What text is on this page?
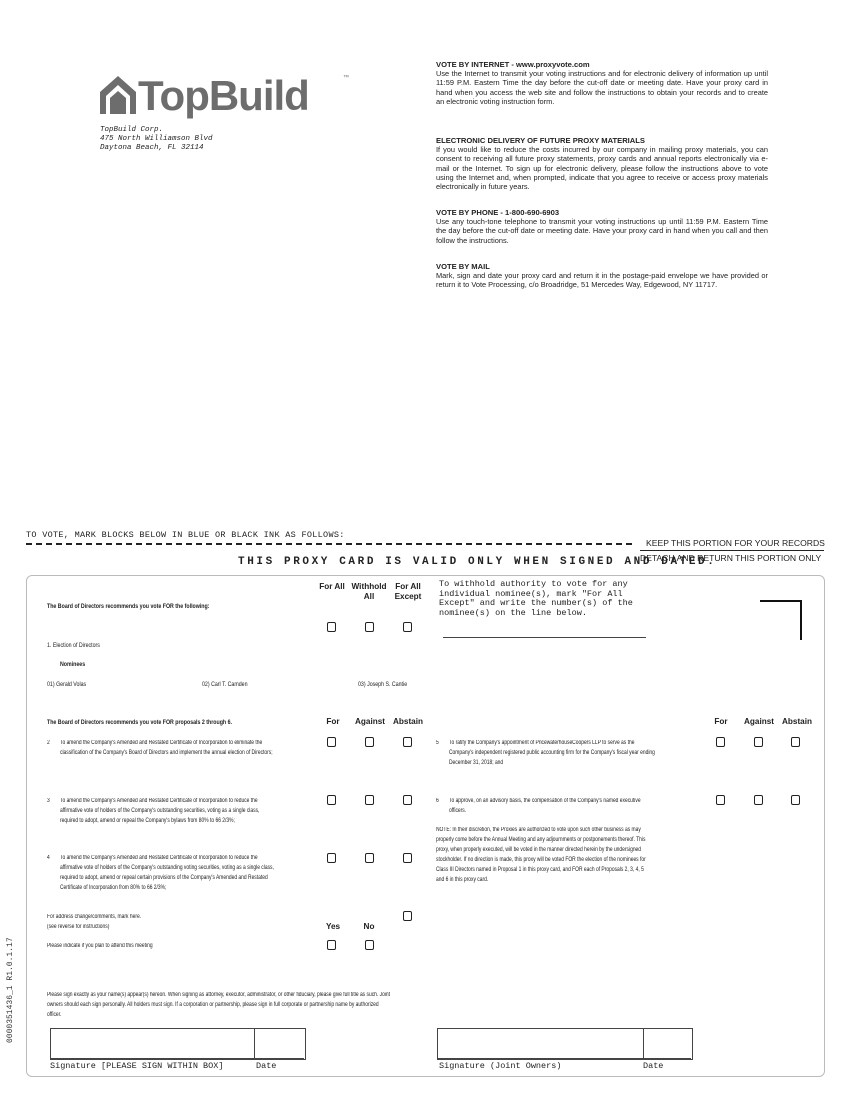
TopBuild	™
TopBuild Corp.
475 North Williamson Blvd
Daytona Beach, FL 32114
VOTE BY INTERNET - www.proxyvote.com

Use the Internet to transmit your voting instructions and for electronic delivery of information up until 11:59 P.M. Eastern Time the day before the cut-off date or meeting date. Have your proxy card in hand when you access the web site and follow the instructions to obtain your records and to create an electronic voting instruction form.

ELECTRONIC DELIVERY OF FUTURE PROXY MATERIALS

If you would like to reduce the costs incurred by our company in mailing proxy materials, you can consent to receiving all future proxy statements, proxy cards and annual reports electronically via e-mail or the Internet. To sign up for electronic delivery, please follow the instructions above to vote using the Internet and, when prompted, indicate that you agree to receive or access proxy materials electronically in future years.

VOTE BY PHONE - 1-800-690-6903

Use any touch-tone telephone to transmit your voting instructions up until 11:59 P.M. Eastern Time the day before the cut-off date or meeting date. Have your proxy card in hand when you call and then follow the instructions.

VOTE BY MAIL

Mark, sign and date your proxy card and return it in the postage-paid envelope we have provided or return it to Vote Processing, c/o Broadridge, 51 Mercedes Way, Edgewood, NY 11717.

TO VOTE, MARK BLOCKS BELOW IN BLUE OR BLACK INK AS FOLLOWS:
KEEP THIS PORTION FOR YOUR RECORDS
DETACH AND RETURN THIS PORTION ONLY
THIS PROXY CARD IS VALID ONLY WHEN SIGNED AND DATED.
The Board of Directors recommends you vote FOR the following:
For All Withhold All
For All Except
To withhold authority to vote for any individual nominee(s), mark "For All Except" and write the number(s) of the nominee(s) on the line below.
1. Election of Directors
Nominees
01) Gerald Volas	02) Carl T. Camden	03) Joseph S. Cantie
The Board of Directors recommends you vote FOR proposals 2 through 6.	For	Against Abstain	For	Against Abstain
2 To amend the Company's Amended and Restated Certificate of Incorporation to eliminate the classification of the Company's Board of Directors and implement the annual election of Directors;
3 To amend the Company's Amended and Restated Certificate of Incorporation to reduce the affirmative vote of holders of the Company's outstanding securities, voting as a single class, required to adopt, amend or repeal the Company's bylaws from 80% to 66 2/3%;
4 To amend the Company's Amended and Restated Certificate of Incorporation to reduce the affirmative vote of holders of the Company's outstanding voting securities, voting as a single class, required to adopt, amend or repeal certain provisions of the Company's Amended and Restated Certificate of Incorporation from 80% to 66 2/3%;
5 To ratify the Company's appointment of PricewaterhouseCoopers LLP to serve as the Company's independent registered public accounting firm for the Company's fiscal year ending December 31, 2018; and
6 To approve, on an advisory basis, the compensation of the Company's named executive officers.
NOTE: In their discretion, the Proxies are authorized to vote upon such other business as may properly come before the Annual Meeting and any adjournments or postponements thereof. This proxy, when properly executed, will be voted in the manner directed herein by the undersigned stockholder. If no direction is made, this proxy will be voted FOR the election of the nominees for Class III Directors named in Proposal 1 in this proxy card, and FOR each of Proposals 2, 3, 4, 5 and 6 in this proxy card.
For address change/comments, mark here.
(see reverse for instructions)	Yes	No
Please indicate if you plan to attend this meeting
Please sign exactly as your name(s) appear(s) hereon. When signing as attorney, executor, administrator, or other fiduciary, please give full title as such. Joint owners should each sign personally. All holders must sign. If a corporation or partnership, please sign in full corporate or partnership name by authorized officer.
Signature [PLEASE SIGN WITHIN BOX]	Date	Signature (Joint Owners)	Date
0000351436_1 R1.0.1.17
